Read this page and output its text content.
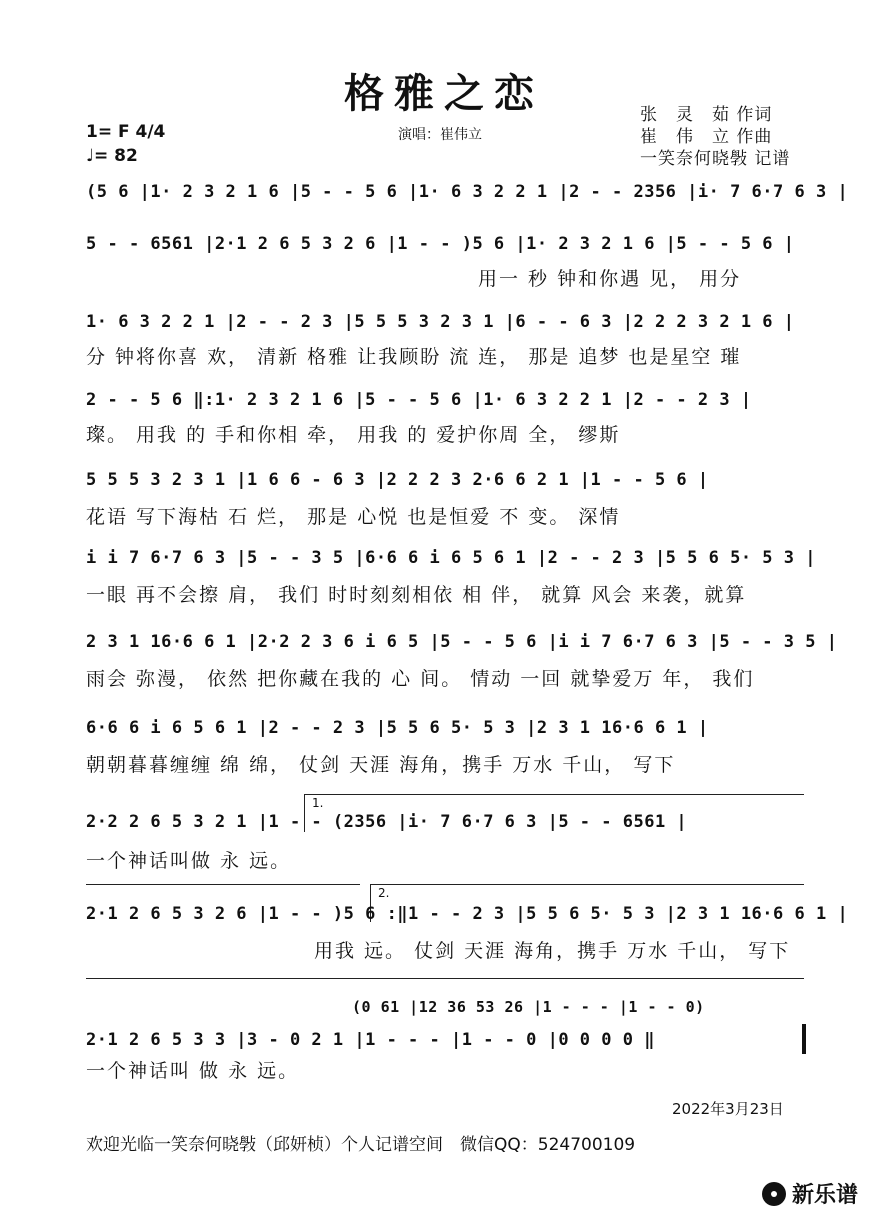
格雅之恋	张　灵　茹 作词
崔　伟　立 作曲
一笑奈何晓斅 记谱
1= F 4/4
♩= 82
演唱：崔伟立
(5 6 |1· 2 3 2 1 6 |5 - - 5 6 |1· 6 3 2 2 1 |2 - - 2356 |i· 7 6·7 6 3 |
5 - - 6561 |2·1 2 6 5 3 2 6 |1 - - )5 6 |1· 2 3 2 1 6 |5 - - 5 6 |
用一 秒 钟和你遇 见， 用分
1· 6 3 2 2 1 |2 - - 2 3 |5 5 5 3 2 3 1 |6 - - 6 3 |2 2 2 3 2 1 6 |
分 钟将你喜 欢， 清新 格雅 让我顾盼 流 连， 那是 追梦 也是星空 璀
2 - - 5 6 ‖:1· 2 3 2 1 6 |5 - - 5 6 |1· 6 3 2 2 1 |2 - - 2 3 |
璨。 用我 的 手和你相 牵， 用我 的 爱护你周 全， 缪斯
5 5 5 3 2 3 1 |1 6 6 - 6 3 |2 2 2 3 2·6 6 2 1 |1 - - 5 6 |
花语 写下海枯 石 烂， 那是 心悦 也是恒爱 不 变。 深情
i i 7 6·7 6 3 |5 - - 3 5 |6·6 6 i 6 5 6 1 |2 - - 2 3 |5 5 6 5· 5 3 |
一眼 再不会擦 肩， 我们 时时刻刻相依 相 伴， 就算 风会 来袭，就算
2 3 1 16·6 6 1 |2·2 2 3 6 i 6 5 |5 - - 5 6 |i i 7 6·7 6 3 |5 - - 3 5 |
雨会 弥漫， 依然 把你藏在我的 心 间。 情动 一回 就挚爱万 年， 我们
6·6 6 i 6 5 6 1 |2 - - 2 3 |5 5 6 5· 5 3 |2 3 1 16·6 6 1 |
朝朝暮暮缠缠 绵 绵， 仗剑 天涯 海角，携手 万水 千山， 写下
1.
2·2 2 6 5 3 2 1 |1 - - (2356 |i· 7 6·7 6 3 |5 - - 6561 |
一个神话叫做 永 远。
2.
2·1 2 6 5 3 2 6 |1 - - )5 6 :‖1 - - 2 3 |5 5 6 5· 5 3 |2 3 1 16·6 6 1 |
用我 远。 仗剑 天涯 海角，携手 万水 千山， 写下
(0 61 |12 36 53 26 |1 - - - |1 - - 0)
2·1 2 6 5 3 3 |3 - 0 2 1 |1 - - - |1 - - 0 |0 0 0 0 ‖
一个神话叫 做 永 远。
2022年3月23日
欢迎光临一笑奈何晓斅（邱妍桢）个人记谱空间　微信QQ：524700109
新乐谱
